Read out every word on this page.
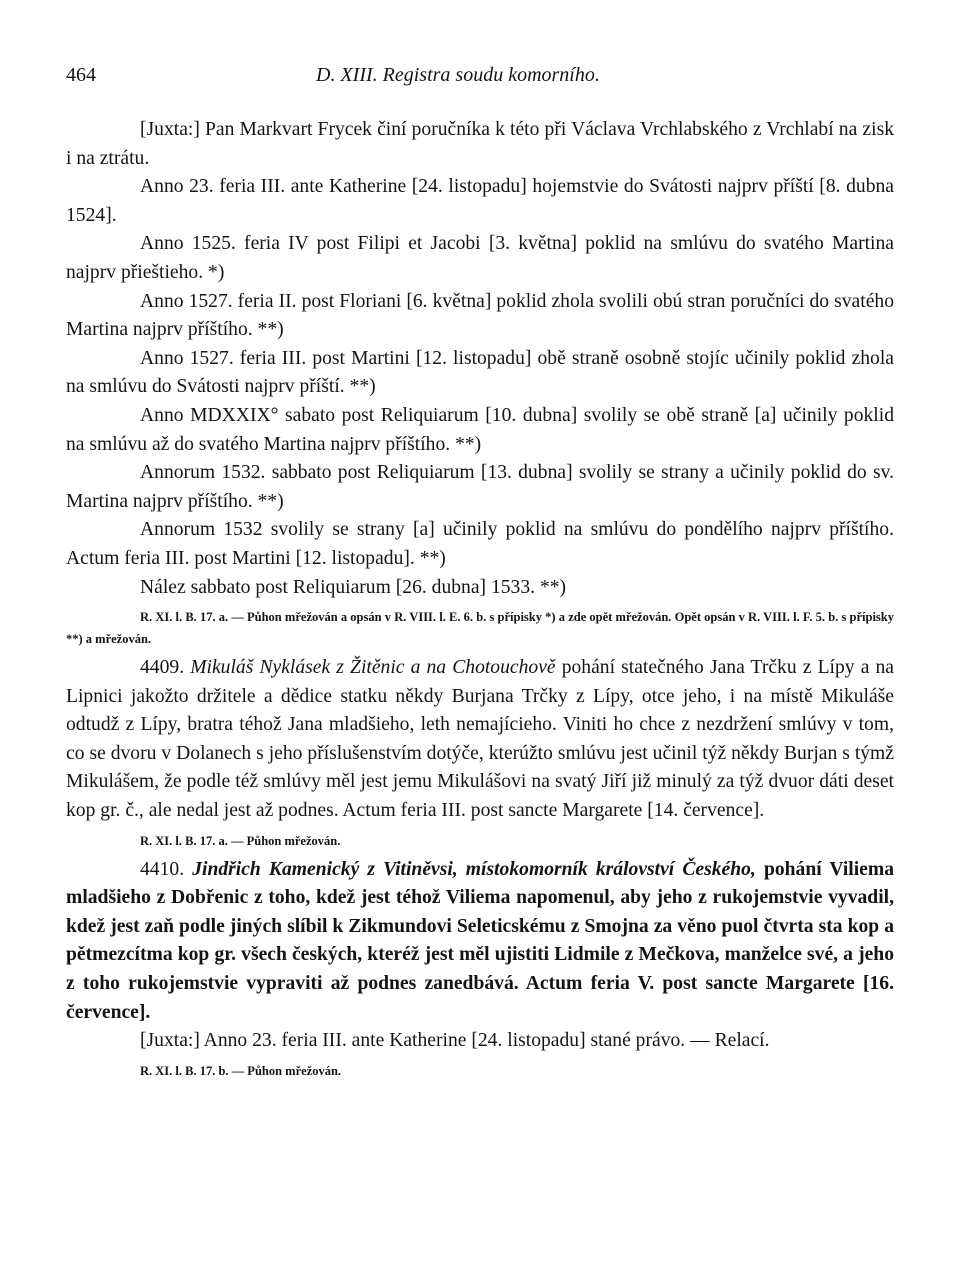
464	D. XIII. Registra soudu komorního.

[Juxta:] Pan Markvart Frycek činí poručníka k této při Václava Vrchlabského z Vrchlabí na zisk i na ztrátu.

Anno 23. feria III. ante Katherine [24. listopadu] hojemstvie do Svátosti najprv příští [8. dubna 1524].

Anno 1525. feria IV post Filipi et Jacobi [3. května] poklid na smlúvu do svatého Martina najprv přieštieho. *)

Anno 1527. feria II. post Floriani [6. května] poklid zhola svolili obú stran poručníci do svatého Martina najprv příštího. **)

Anno 1527. feria III. post Martini [12. listopadu] obě straně osobně stojíc učinily poklid zhola na smlúvu do Svátosti najprv příští. **)

Anno MDXXIX° sabato post Reliquiarum [10. dubna] svolily se obě straně [a] učinily poklid na smlúvu až do svatého Martina najprv příštího. **)

Annorum 1532. sabbato post Reliquiarum [13. dubna] svolily se strany a učinily poklid do sv. Martina najprv příštího. **)

Annorum 1532 svolily se strany [a] učinily poklid na smlúvu do pondělího najprv příštího. Actum feria III. post Martini [12. listopadu]. **)

Nález sabbato post Reliquiarum [26. dubna] 1533. **)

R. XI. l. B. 17. a. — Půhon mřežován a opsán v R. VIII. l. E. 6. b. s přípisky *) a zde opět mřežován. Opět opsán v R. VIII. l. F. 5. b. s přípisky **) a mřežován.

4409. Mikuláš Nyklásek z Žitěnic a na Chotouchově pohání statečného Jana Trčku z Lípy a na Lipnici jakožto držitele a dědice statku někdy Burjana Trčky z Lípy, otce jeho, i na místě Mikuláše odtudž z Lípy, bratra téhož Jana mladšieho, leth nemajícieho. Viniti ho chce z nezdržení smlúvy v tom, co se dvoru v Dolanech s jeho příslušenstvím dotýče, kterúžto smlúvu jest učinil týž někdy Burjan s týmž Mikulášem, že podle též smlúvy měl jest jemu Mikulášovi na svatý Jiří již minulý za týž dvuor dáti deset kop gr. č., ale nedal jest až podnes. Actum feria III. post sancte Margarete [14. července].

R. XI. l. B. 17. a. — Půhon mřežován.

4410. Jindřich Kamenický z Vitiněvsi, místokomorník království Českého, pohání Viliema mladšieho z Dobřenic z toho, kdež jest téhož Viliema napomenul, aby jeho z rukojemstvie vyvadil, kdež jest zaň podle jiných slíbil k Zikmundovi Seleticskému z Smojna za věno puol čtvrta sta kop a pětmezcítma kop gr. všech českých, kteréž jest měl ujistiti Lidmile z Mečkova, manželce své, a jeho z toho rukojemstvie vypraviti až podnes zanedbává. Actum feria V. post sancte Margarete [16. července].

[Juxta:] Anno 23. feria III. ante Katherine [24. listopadu] stané právo. — Relací.

R. XI. l. B. 17. b. — Půhon mřežován.
